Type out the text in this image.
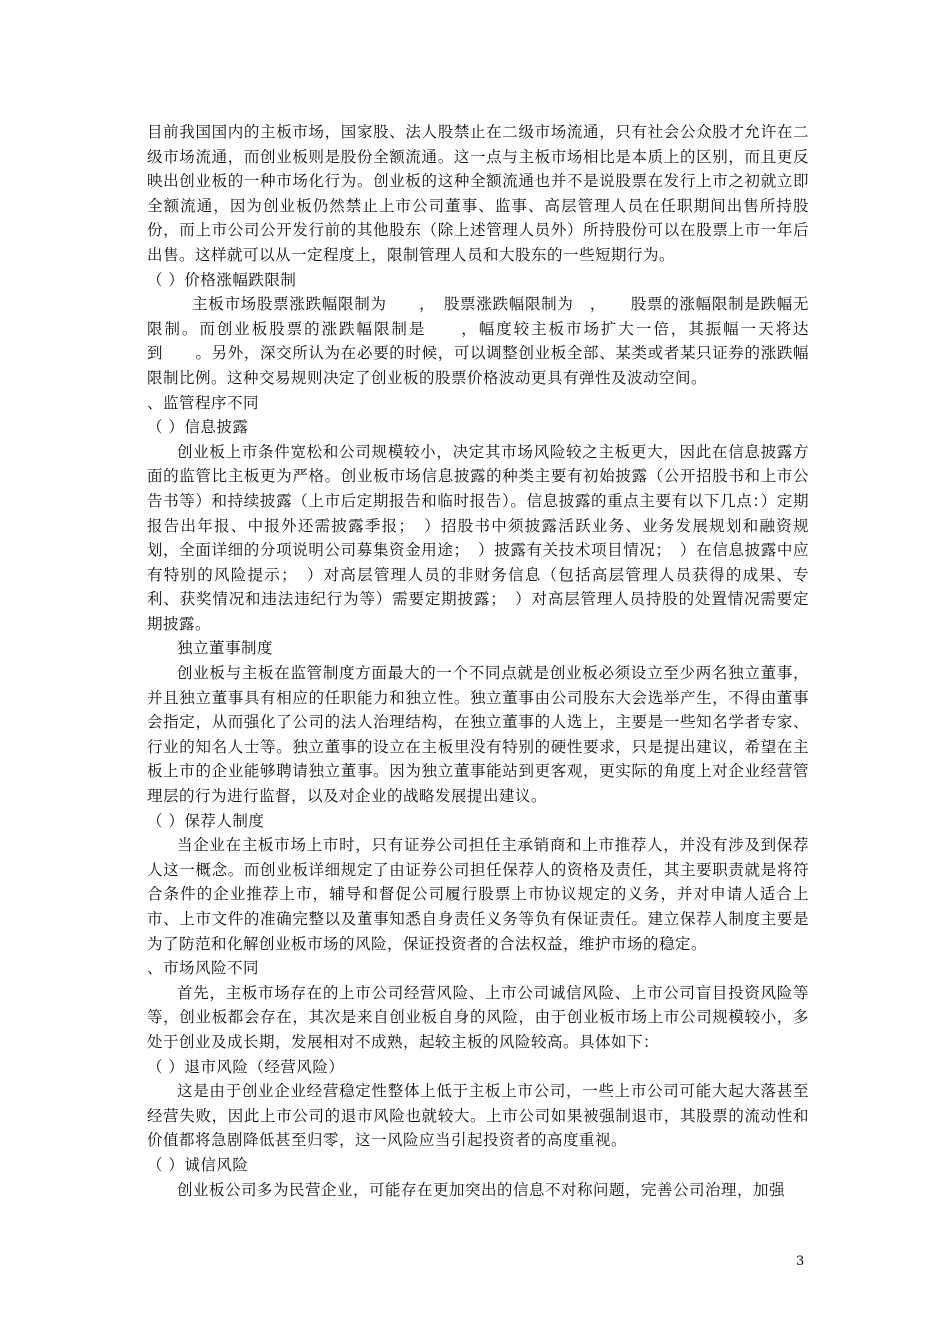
目前我国国内的主板市场，国家股、法人股禁止在二级市场流通，只有社会公众股才允许在二级市场流通，而创业板则是股份全额流通。这一点与主板市场相比是本质上的区别，而且更反映出创业板的一种市场化行为。创业板的这种全额流通也并不是说股票在发行上市之初就立即全额流通，因为创业板仍然禁止上市公司董事、监事、高层管理人员在任职期间出售所持股份，而上市公司公开发行前的其他股东（除上述管理人员外）所持股份可以在股票上市一年后出售。这样就可以从一定程度上，限制管理人员和大股东的一些短期行为。

（ ）价格涨幅跌限制

主板市场股票涨跌幅限制为　　，　股票涨跌幅限制为　，　　股票的涨幅限制是跌幅无限制。而创业板股票的涨跌幅限制是　　，幅度较主板市场扩大一倍，其振幅一天将达到　　。另外，深交所认为在必要的时候，可以调整创业板全部、某类或者某只证券的涨跌幅限制比例。这种交易规则决定了创业板的股票价格波动更具有弹性及波动空间。

、监管程序不同

（ ）信息披露

创业板上市条件宽松和公司规模较小，决定其市场风险较之主板更大，因此在信息披露方面的监管比主板更为严格。创业板市场信息披露的种类主要有初始披露（公开招股书和上市公告书等）和持续披露（上市后定期报告和临时报告）。信息披露的重点主要有以下几点：）定期报告出年报、中报外还需披露季报；　）招股书中须披露活跃业务、业务发展规划和融资规划，全面详细的分项说明公司募集资金用途；　）披露有关技术项目情况；　）在信息披露中应有特别的风险提示；　）对高层管理人员的非财务信息（包括高层管理人员获得的成果、专利、获奖情况和违法违纪行为等）需要定期披露；　）对高层管理人员持股的处置情况需要定期披露。

独立董事制度

创业板与主板在监管制度方面最大的一个不同点就是创业板必须设立至少两名独立董事，并且独立董事具有相应的任职能力和独立性。独立董事由公司股东大会选举产生，不得由董事会指定，从而强化了公司的法人治理结构，在独立董事的人选上，主要是一些知名学者专家、行业的知名人士等。独立董事的设立在主板里没有特别的硬性要求，只是提出建议，希望在主板上市的企业能够聘请独立董事。因为独立董事能站到更客观，更实际的角度上对企业经营管理层的行为进行监督，以及对企业的战略发展提出建议。

（ ）保荐人制度

当企业在主板市场上市时，只有证券公司担任主承销商和上市推荐人，并没有涉及到保荐人这一概念。而创业板详细规定了由证券公司担任保荐人的资格及责任，其主要职责就是将符合条件的企业推荐上市，辅导和督促公司履行股票上市协议规定的义务，并对申请人适合上市、上市文件的准确完整以及董事知悉自身责任义务等负有保证责任。建立保荐人制度主要是为了防范和化解创业板市场的风险，保证投资者的合法权益，维护市场的稳定。

、市场风险不同

首先，主板市场存在的上市公司经营风险、上市公司诚信风险、上市公司盲目投资风险等等，创业板都会存在，其次是来自创业板自身的风险，由于创业板市场上市公司规模较小，多处于创业及成长期，发展相对不成熟，起较主板的风险较高。具体如下：

（ ）退市风险（经营风险）

这是由于创业企业经营稳定性整体上低于主板上市公司，一些上市公司可能大起大落甚至经营失败，因此上市公司的退市风险也就较大。上市公司如果被强制退市，其股票的流动性和价值都将急剧降低甚至归零，这一风险应当引起投资者的高度重视。

（ ）诚信风险

创业板公司多为民营企业，可能存在更加突出的信息不对称问题，完善公司治理，加强

3
